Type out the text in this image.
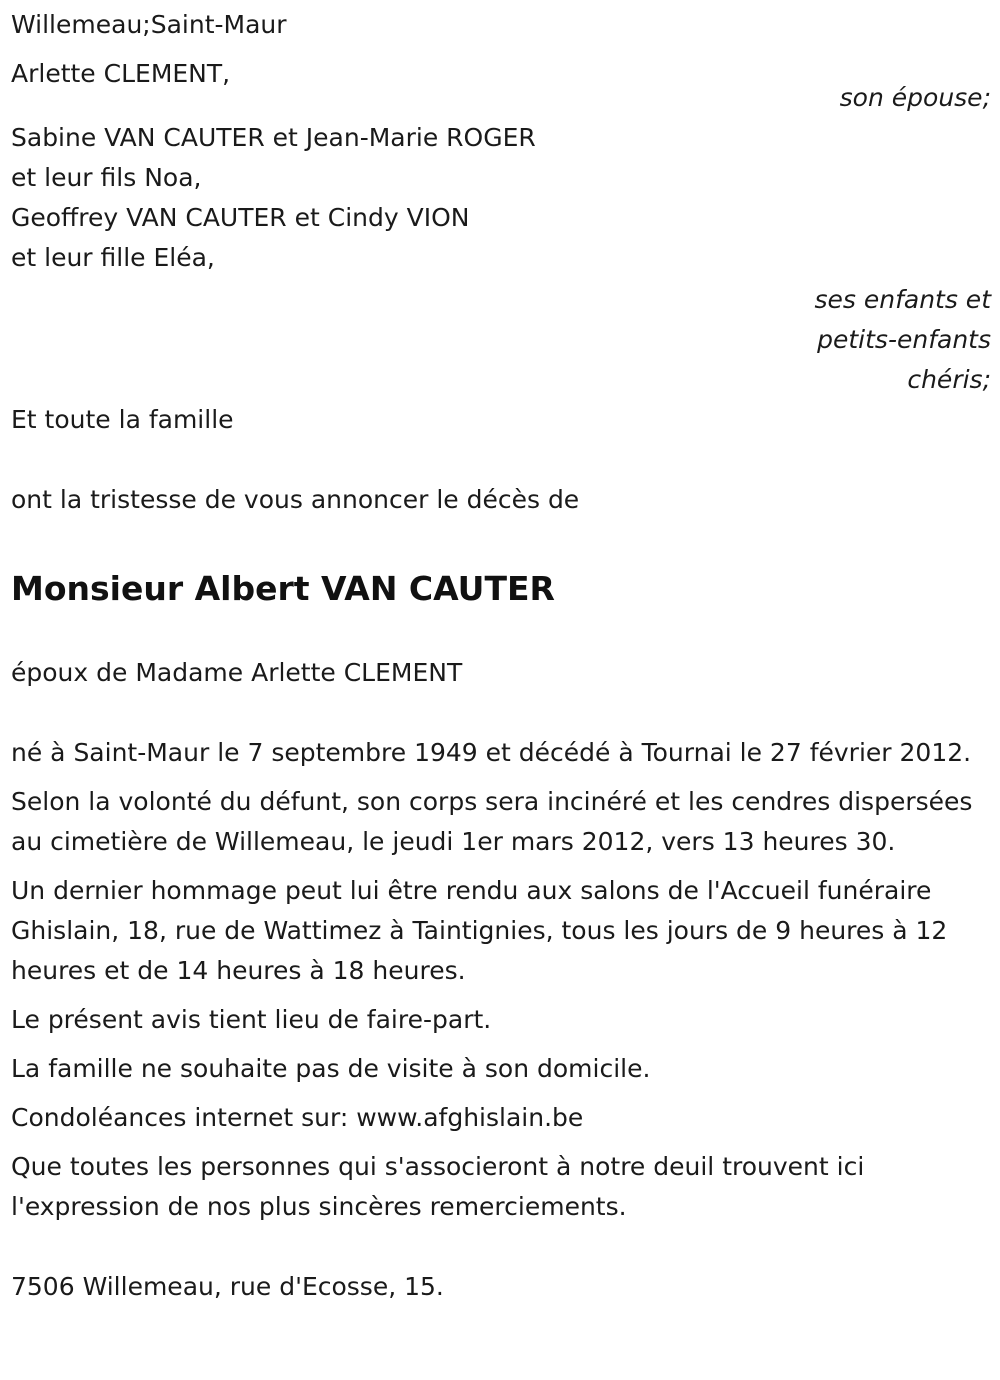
Willemeau;Saint-Maur

Arlette CLEMENT,

son épouse;

Sabine VAN CAUTER et Jean-Marie ROGER

et leur fils Noa,

Geoffrey VAN CAUTER et Cindy VION

et leur fille Eléa,

ses enfants et

petits-enfants

chéris;

Et toute la famille

ont la tristesse de vous annoncer le décès de

Monsieur Albert VAN CAUTER

époux de Madame Arlette CLEMENT

né à Saint-Maur le 7 septembre 1949 et décédé à Tournai le 27 février 2012.

Selon la volonté du défunt, son corps sera incinéré et les cendres dispersées au cimetière de Willemeau, le jeudi 1er mars 2012, vers 13 heures 30.

Un dernier hommage peut lui être rendu aux salons de l'Accueil funéraire Ghislain, 18, rue de Wattimez à Taintignies, tous les jours de 9 heures à 12 heures et de 14 heures à 18 heures.

Le présent avis tient lieu de faire-part.

La famille ne souhaite pas de visite à son domicile.

Condoléances internet sur: www.afghislain.be

Que toutes les personnes qui s'associeront à notre deuil trouvent ici l'expression de nos plus sincères remerciements.

7506 Willemeau, rue d'Ecosse, 15.
